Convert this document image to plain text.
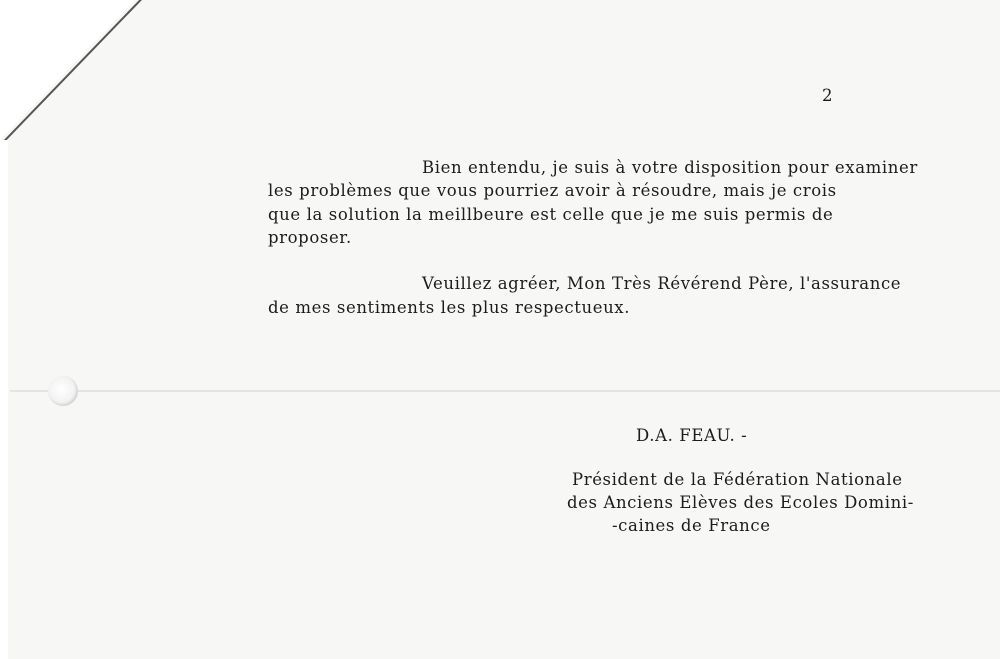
2
Bien entendu, je suis à votre disposition pour examiner
les problèmes que vous pourriez avoir à résoudre, mais je crois
que la solution la meillbeure est celle que je me suis permis de
proposer.
Veuillez agréer, Mon Très Révérend Père, l'assurance
de mes sentiments les plus respectueux.
D.A. FEAU. -
Président de la Fédération Nationale
des Anciens Elèves des Ecoles Domini-
-caines de France
